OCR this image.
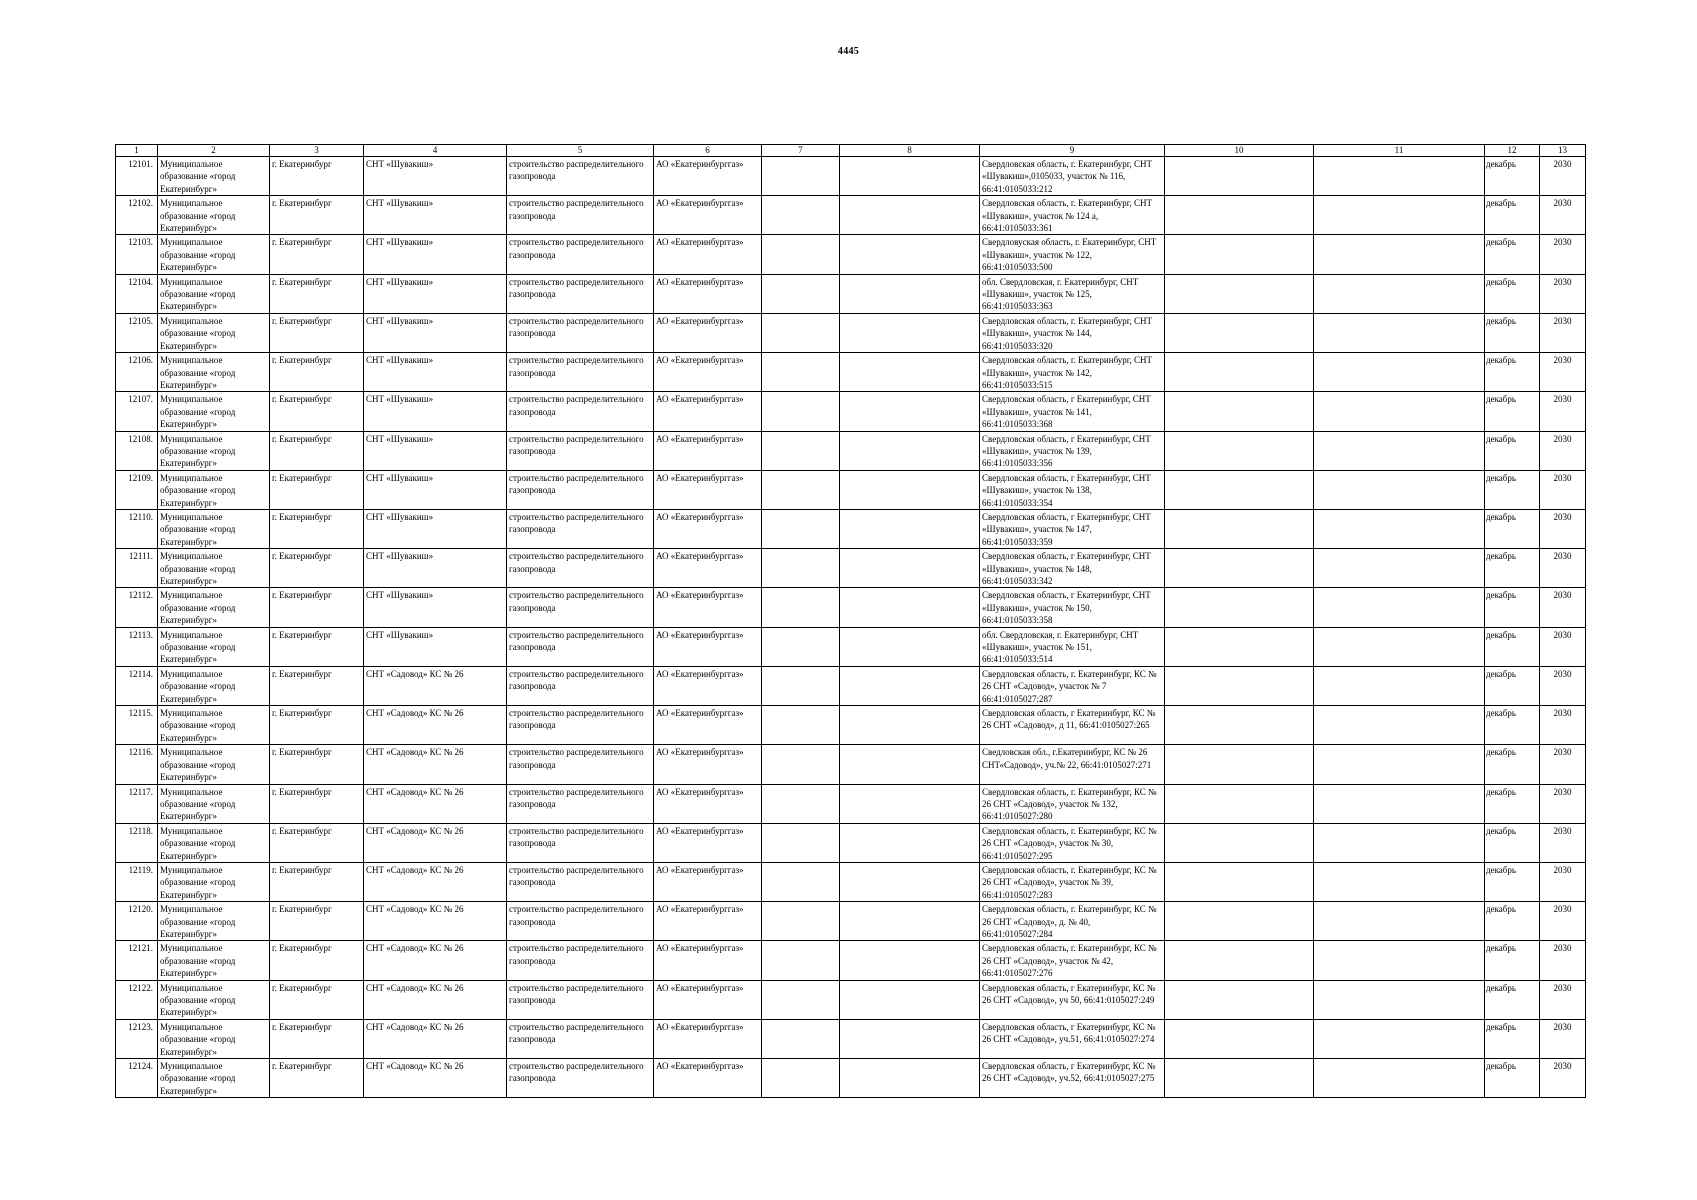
4445
1	2	3	4	5	6	7	8	9	10	11	12	13
12101.	Муниципальное образование «город Екатеринбург»	г. Екатеринбург	СНТ «Шувакиш»	строительство распределительного газопровода	АО «Екатеринбурггаз»			Свердловская область, г. Екатеринбург, СНТ «Шувакиш»,0105033, участок № 116, 66:41:0105033:212			декабрь	2030
12102.	Муниципальное образование «город Екатеринбург»	г. Екатеринбург	СНТ «Шувакиш»	строительство распределительного газопровода	АО «Екатеринбурггаз»			Свердловская область, г. Екатеринбург, СНТ «Шувакиш», участок № 124 а, 66:41:0105033:361			декабрь	2030
12103.	Муниципальное образование «город Екатеринбург»	г. Екатеринбург	СНТ «Шувакиш»	строительство распределительного газопровода	АО «Екатеринбурггаз»			Свердловуская область, г. Екатеринбург, СНТ «Шувакиш», участок № 122, 66:41:0105033:500			декабрь	2030
12104.	Муниципальное образование «город Екатеринбург»	г. Екатеринбург	СНТ «Шувакиш»	строительство распределительного газопровода	АО «Екатеринбурггаз»			обл. Свердловская, г. Екатеринбург, СНТ «Шувакиш», участок № 125, 66:41:0105033:363			декабрь	2030
12105.	Муниципальное образование «город Екатеринбург»	г. Екатеринбург	СНТ «Шувакиш»	строительство распределительного газопровода	АО «Екатеринбурггаз»			Свердловская область, г. Екатеринбург, СНТ «Шувакиш», участок № 144, 66:41:0105033:320			декабрь	2030
12106.	Муниципальное образование «город Екатеринбург»	г. Екатеринбург	СНТ «Шувакиш»	строительство распределительного газопровода	АО «Екатеринбурггаз»			Свердловская область, г. Екатеринбург, СНТ «Шувакиш», участок № 142, 66:41:0105033:515			декабрь	2030
12107.	Муниципальное образование «город Екатеринбург»	г. Екатеринбург	СНТ «Шувакиш»	строительство распределительного газопровода	АО «Екатеринбурггаз»			Свердловская область, г Екатеринбург, СНТ «Шувакиш», участок № 141, 66:41:0105033:368			декабрь	2030
12108.	Муниципальное образование «город Екатеринбург»	г. Екатеринбург	СНТ «Шувакиш»	строительство распределительного газопровода	АО «Екатеринбурггаз»			Свердловская область, г Екатеринбург, СНТ «Шувакиш», участок № 139, 66:41:0105033:356			декабрь	2030
12109.	Муниципальное образование «город Екатеринбург»	г. Екатеринбург	СНТ «Шувакиш»	строительство распределительного газопровода	АО «Екатеринбурггаз»			Свердловская область, г Екатеринбург, СНТ «Шувакиш», участок № 138, 66:41:0105033:354			декабрь	2030
12110.	Муниципальное образование «город Екатеринбург»	г. Екатеринбург	СНТ «Шувакиш»	строительство распределительного газопровода	АО «Екатеринбурггаз»			Свердловская область, г Екатеринбург, СНТ «Шувакиш», участок № 147, 66:41:0105033:359			декабрь	2030
12111.	Муниципальное образование «город Екатеринбург»	г. Екатеринбург	СНТ «Шувакиш»	строительство распределительного газопровода	АО «Екатеринбурггаз»			Свердловская область, г Екатеринбург, СНТ «Шувакиш», участок № 148, 66:41:0105033:342			декабрь	2030
12112.	Муниципальное образование «город Екатеринбург»	г. Екатеринбург	СНТ «Шувакиш»	строительство распределительного газопровода	АО «Екатеринбурггаз»			Свердловская область, г Екатеринбург, СНТ «Шувакиш», участок № 150, 66:41:0105033:358			декабрь	2030
12113.	Муниципальное образование «город Екатеринбург»	г. Екатеринбург	СНТ «Шувакиш»	строительство распределительного газопровода	АО «Екатеринбурггаз»			обл. Свердловская, г. Екатеринбург, СНТ «Шувакиш», участок № 151, 66:41:0105033:514			декабрь	2030
12114.	Муниципальное образование «город Екатеринбург»	г. Екатеринбург	СНТ «Садовод» КС № 26	строительство распределительного газопровода	АО «Екатеринбурггаз»			Свердловская область, г. Екатеринбург, КС № 26 СНТ «Садовод», участок № 7 66:41:0105027:287			декабрь	2030
12115.	Муниципальное образование «город Екатеринбург»	г. Екатеринбург	СНТ «Садовод» КС № 26	строительство распределительного газопровода	АО «Екатеринбурггаз»			Свердловская область, г Екатеринбург, КС № 26 СНТ «Садовод», д 11, 66:41:0105027:265			декабрь	2030
12116.	Муниципальное образование «город Екатеринбург»	г. Екатеринбург	СНТ «Садовод» КС № 26	строительство распределительного газопровода	АО «Екатеринбурггаз»			Сведловская обл., г.Екатеринбург, КС № 26 СНТ«Садовод», уч.№ 22, 66:41:0105027:271			декабрь	2030
12117.	Муниципальное образование «город Екатеринбург»	г. Екатеринбург	СНТ «Садовод» КС № 26	строительство распределительного газопровода	АО «Екатеринбурггаз»			Свердловская область, г. Екатеринбург, КС № 26 СНТ «Садовод», участок № 132, 66:41:0105027:280			декабрь	2030
12118.	Муниципальное образование «город Екатеринбург»	г. Екатеринбург	СНТ «Садовод» КС № 26	строительство распределительного газопровода	АО «Екатеринбурггаз»			Свердловская область, г. Екатеринбург, КС № 26 СНТ «Садовод», участок № 30, 66:41:0105027:295			декабрь	2030
12119.	Муниципальное образование «город Екатеринбург»	г. Екатеринбург	СНТ «Садовод» КС № 26	строительство распределительного газопровода	АО «Екатеринбурггаз»			Свердловская область, г. Екатеринбург, КС № 26 СНТ «Садовод», участок № 39, 66:41:0105027:283			декабрь	2030
12120.	Муниципальное образование «город Екатеринбург»	г. Екатеринбург	СНТ «Садовод» КС № 26	строительство распределительного газопровода	АО «Екатеринбурггаз»			Свердловская область, г. Екатеринбург, КС № 26 СНТ «Садовод», д. № 40, 66:41:0105027:284			декабрь	2030
12121.	Муниципальное образование «город Екатеринбург»	г. Екатеринбург	СНТ «Садовод» КС № 26	строительство распределительного газопровода	АО «Екатеринбурггаз»			Свердловская область, г. Екатеринбург, КС № 26 СНТ «Садовод», участок № 42, 66:41:0105027:276			декабрь	2030
12122.	Муниципальное образование «город Екатеринбург»	г. Екатеринбург	СНТ «Садовод» КС № 26	строительство распределительного газопровода	АО «Екатеринбурггаз»			Свердловская область, г Екатеринбург, КС № 26 СНТ «Садовод», уч 50, 66:41:0105027:249			декабрь	2030
12123.	Муниципальное образование «город Екатеринбург»	г. Екатеринбург	СНТ «Садовод» КС № 26	строительство распределительного газопровода	АО «Екатеринбурггаз»			Свердловская область, г Екатеринбург, КС № 26 СНТ «Садовод», уч.51, 66:41:0105027:274			декабрь	2030
12124.	Муниципальное образование «город Екатеринбург»	г. Екатеринбург	СНТ «Садовод» КС № 26	строительство распределительного газопровода	АО «Екатеринбурггаз»			Свердловская область, г Екатеринбург, КС № 26 СНТ «Садовод», уч.52, 66:41:0105027:275			декабрь	2030
